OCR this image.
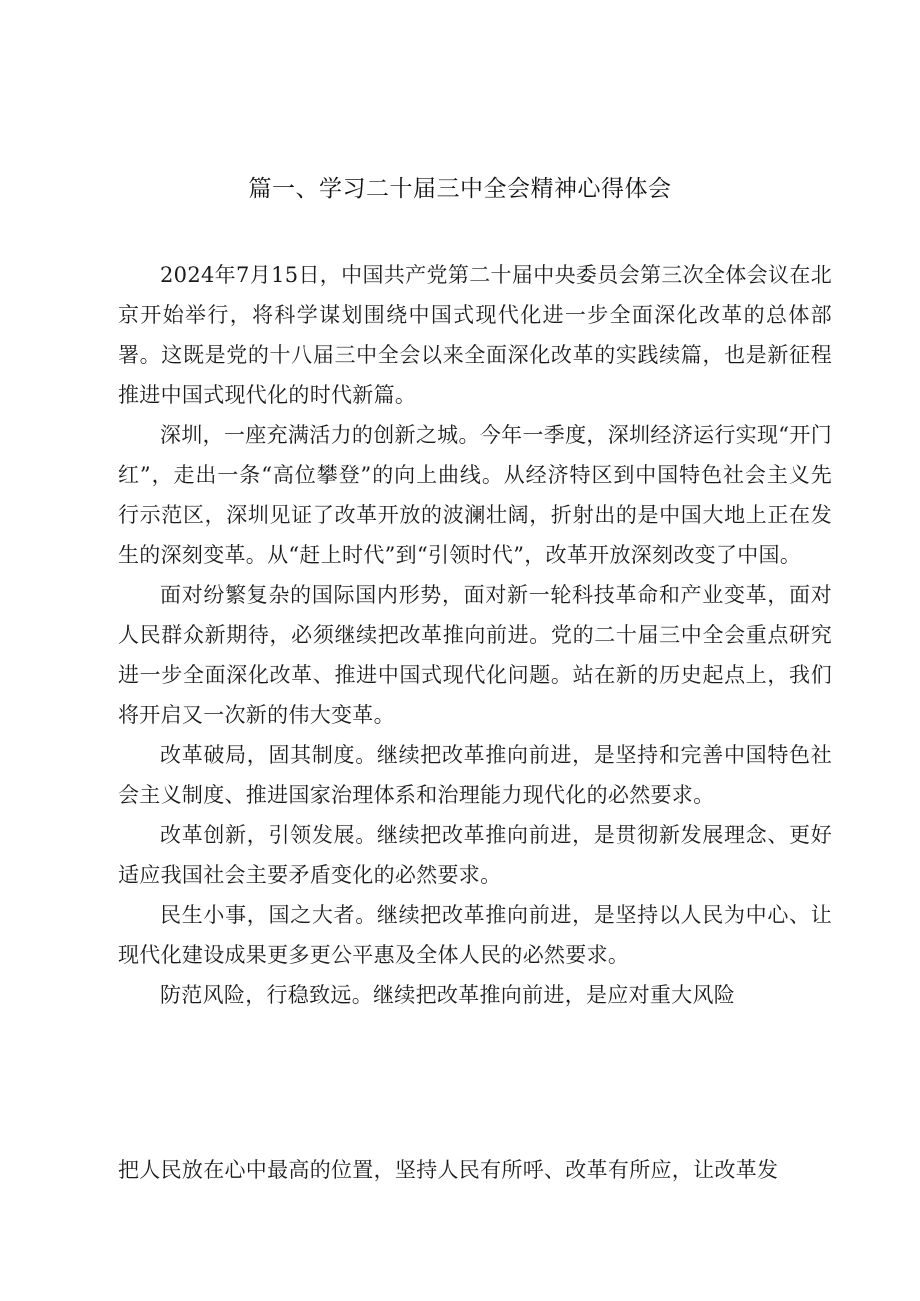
篇一、学习二十届三中全会精神心得体会

2024年7月15日，中国共产党第二十届中央委员会第三次全体会议在北京开始举行，将科学谋划围绕中国式现代化进一步全面深化改革的总体部署。这既是党的十八届三中全会以来全面深化改革的实践续篇，也是新征程推进中国式现代化的时代新篇。

深圳，一座充满活力的创新之城。今年一季度，深圳经济运行实现“开门红”，走出一条“高位攀登”的向上曲线。从经济特区到中国特色社会主义先行示范区，深圳见证了改革开放的波澜壮阔，折射出的是中国大地上正在发生的深刻变革。从“赶上时代”到“引领时代”，改革开放深刻改变了中国。

面对纷繁复杂的国际国内形势，面对新一轮科技革命和产业变革，面对人民群众新期待，必须继续把改革推向前进。党的二十届三中全会重点研究进一步全面深化改革、推进中国式现代化问题。站在新的历史起点上，我们将开启又一次新的伟大变革。

改革破局，固其制度。继续把改革推向前进，是坚持和完善中国特色社会主义制度、推进国家治理体系和治理能力现代化的必然要求。

改革创新，引领发展。继续把改革推向前进，是贯彻新发展理念、更好适应我国社会主要矛盾变化的必然要求。

民生小事，国之大者。继续把改革推向前进，是坚持以人民为中心、让现代化建设成果更多更公平惠及全体人民的必然要求。

防范风险，行稳致远。继续把改革推向前进，是应对重大风险

把人民放在心中最高的位置，坚持人民有所呼、改革有所应，让改革发
